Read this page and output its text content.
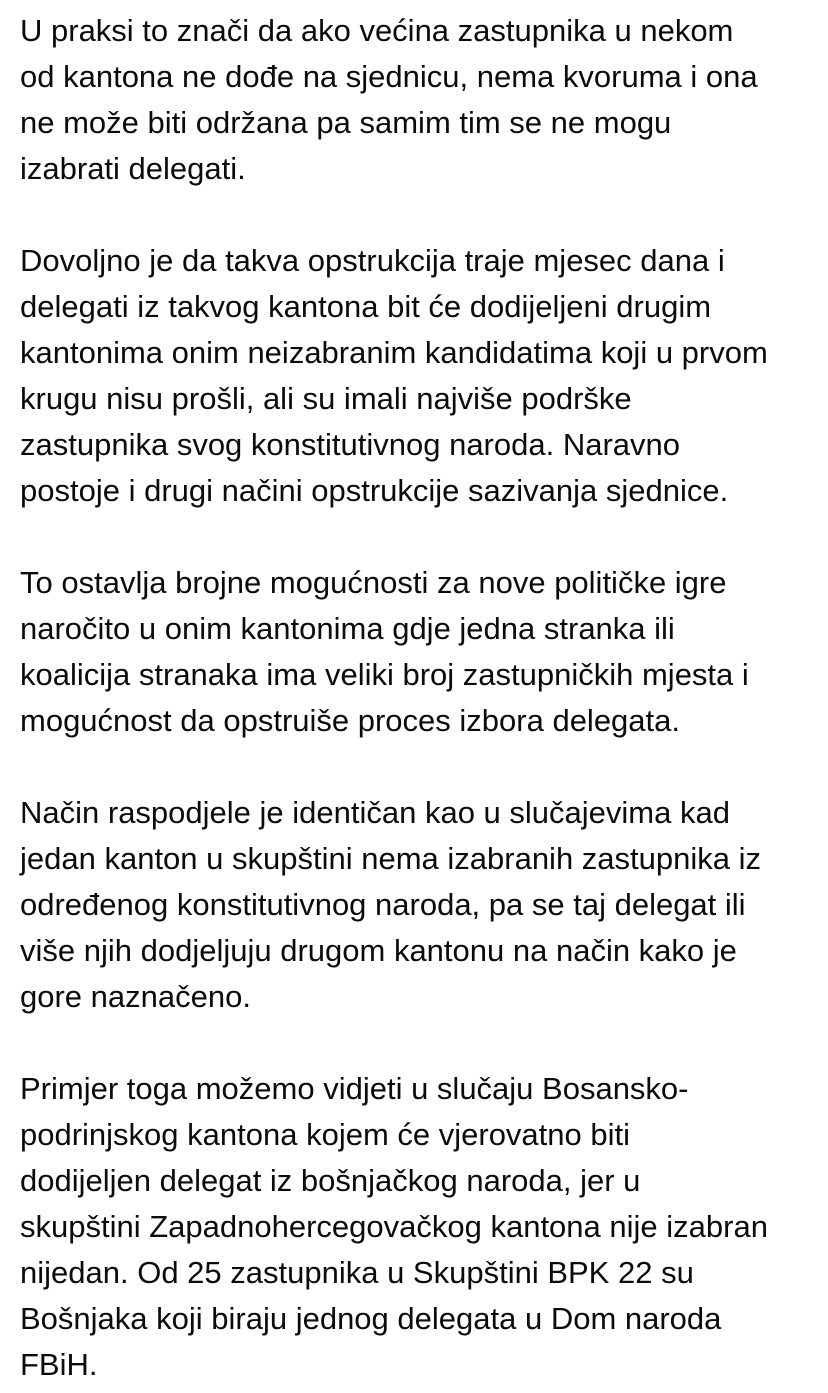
U praksi to znači da ako većina zastupnika u nekom
od kantona ne dođe na sjednicu, nema kvoruma i ona
ne može biti održana pa samim tim se ne mogu
izabrati delegati.

Dovoljno je da takva opstrukcija traje mjesec dana i
delegati iz takvog kantona bit će dodijeljeni drugim
kantonima onim neizabranim kandidatima koji u prvom
krugu nisu prošli, ali su imali najviše podrške
zastupnika svog konstitutivnog naroda. Naravno
postoje i drugi načini opstrukcije sazivanja sjednice.

To ostavlja brojne mogućnosti za nove političke igre
naročito u onim kantonima gdje jedna stranka ili
koalicija stranaka ima veliki broj zastupničkih mjesta i
mogućnost da opstruiše proces izbora delegata.

Način raspodjele je identičan kao u slučajevima kad
jedan kanton u skupštini nema izabranih zastupnika iz
određenog konstitutivnog naroda, pa se taj delegat ili
više njih dodjeljuju drugom kantonu na način kako je
gore naznačeno.

Primjer toga možemo vidjeti u slučaju Bosansko-
podrinjskog kantona kojem će vjerovatno biti
dodijeljen delegat iz bošnjačkog naroda, jer u
skupštini Zapadnohercegovačkog kantona nije izabran
nijedan. Od 25 zastupnika u Skupštini BPK 22 su
Bošnjaka koji biraju jednog delegata u Dom naroda
FBiH.
